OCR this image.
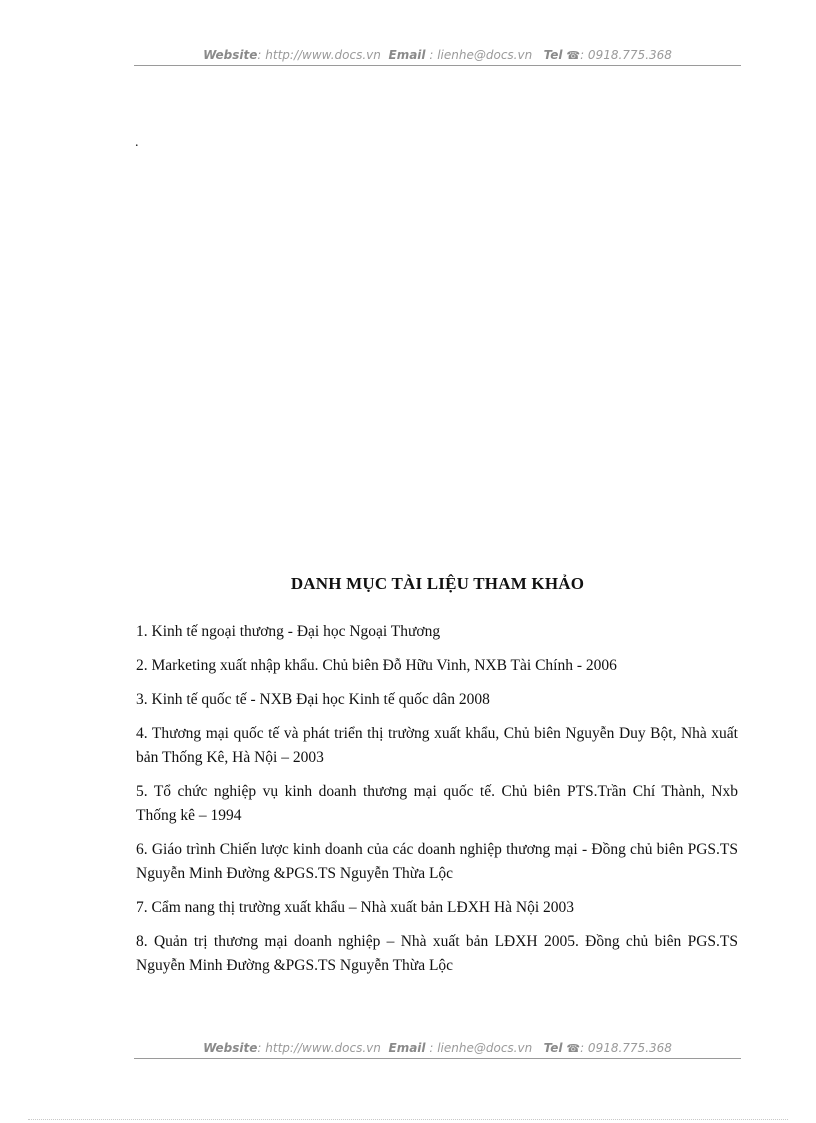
Website: http://www.docs.vn Email : lienhe@docs.vn Tel ☎: 0918.775.368
.
DANH MỤC TÀI LIỆU THAM KHẢO
1. Kinh tế ngoại thương - Đại học Ngoại Thương
2. Marketing xuất nhập khẩu. Chủ biên Đỗ Hữu Vinh, NXB Tài Chính - 2006
3. Kinh tế quốc tế - NXB Đại học Kinh tế quốc dân 2008
4. Thương mại quốc tế và phát triển thị trường xuất khẩu, Chủ biên Nguyễn Duy Bột, Nhà xuất bản Thống Kê, Hà Nội – 2003
5. Tổ chức nghiệp vụ kinh doanh thương mại quốc tế. Chủ biên PTS.Trần Chí Thành, Nxb Thống kê – 1994
6. Giáo trình Chiến lược kinh doanh của các doanh nghiệp thương mại - Đồng chủ biên PGS.TS Nguyễn Minh Đường &PGS.TS Nguyễn Thừa Lộc
7. Cẩm nang thị trường xuất khẩu – Nhà xuất bản LĐXH Hà Nội 2003
8. Quản trị thương mại doanh nghiệp – Nhà xuất bản LĐXH 2005. Đồng chủ biên PGS.TS Nguyễn Minh Đường &PGS.TS Nguyễn Thừa Lộc
Website: http://www.docs.vn Email : lienhe@docs.vn Tel ☎: 0918.775.368
